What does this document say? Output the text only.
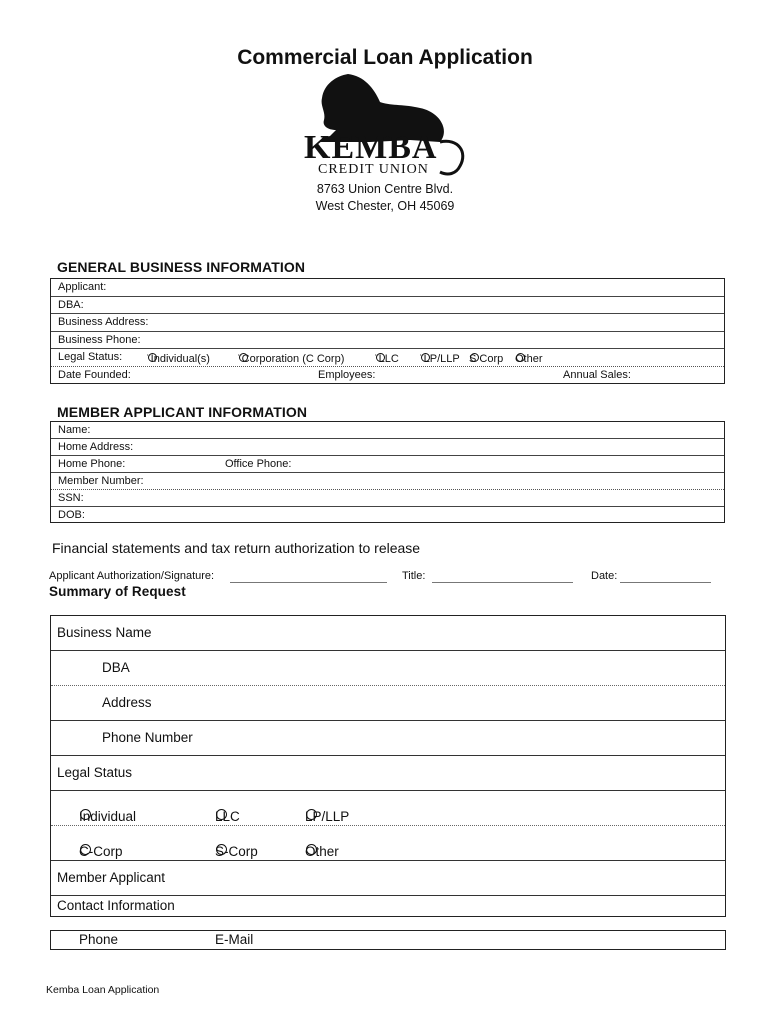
Commercial Loan Application
KEMBA
CREDIT UNION
8763 Union Centre Blvd.
West Chester, OH 45069
GENERAL BUSINESS INFORMATION
Applicant:
DBA:
Business Address:
Business Phone:
Legal Status: ¨Individual(s)	¨Corporation (C Corp)	¨LLC ¨LP/LLP S Corp Other
Date Founded:	Employees:	Annual Sales:
MEMBER APPLICANT INFORMATION
Name:
Home Address:
Home Phone:	Office Phone:
Member Number:
SSN:
DOB:
Financial statements and tax return authorization to release
Applicant Authorization/Signature:	Title:	Date:
Summary of Request
Business Name
DBA
Address
Phone Number
Legal Status
Individual	LLC	LP/LLP
C-Corp	S-Corp	Other
Member Applicant
Contact Information
Phone	E-Mail
Kemba Loan Application
